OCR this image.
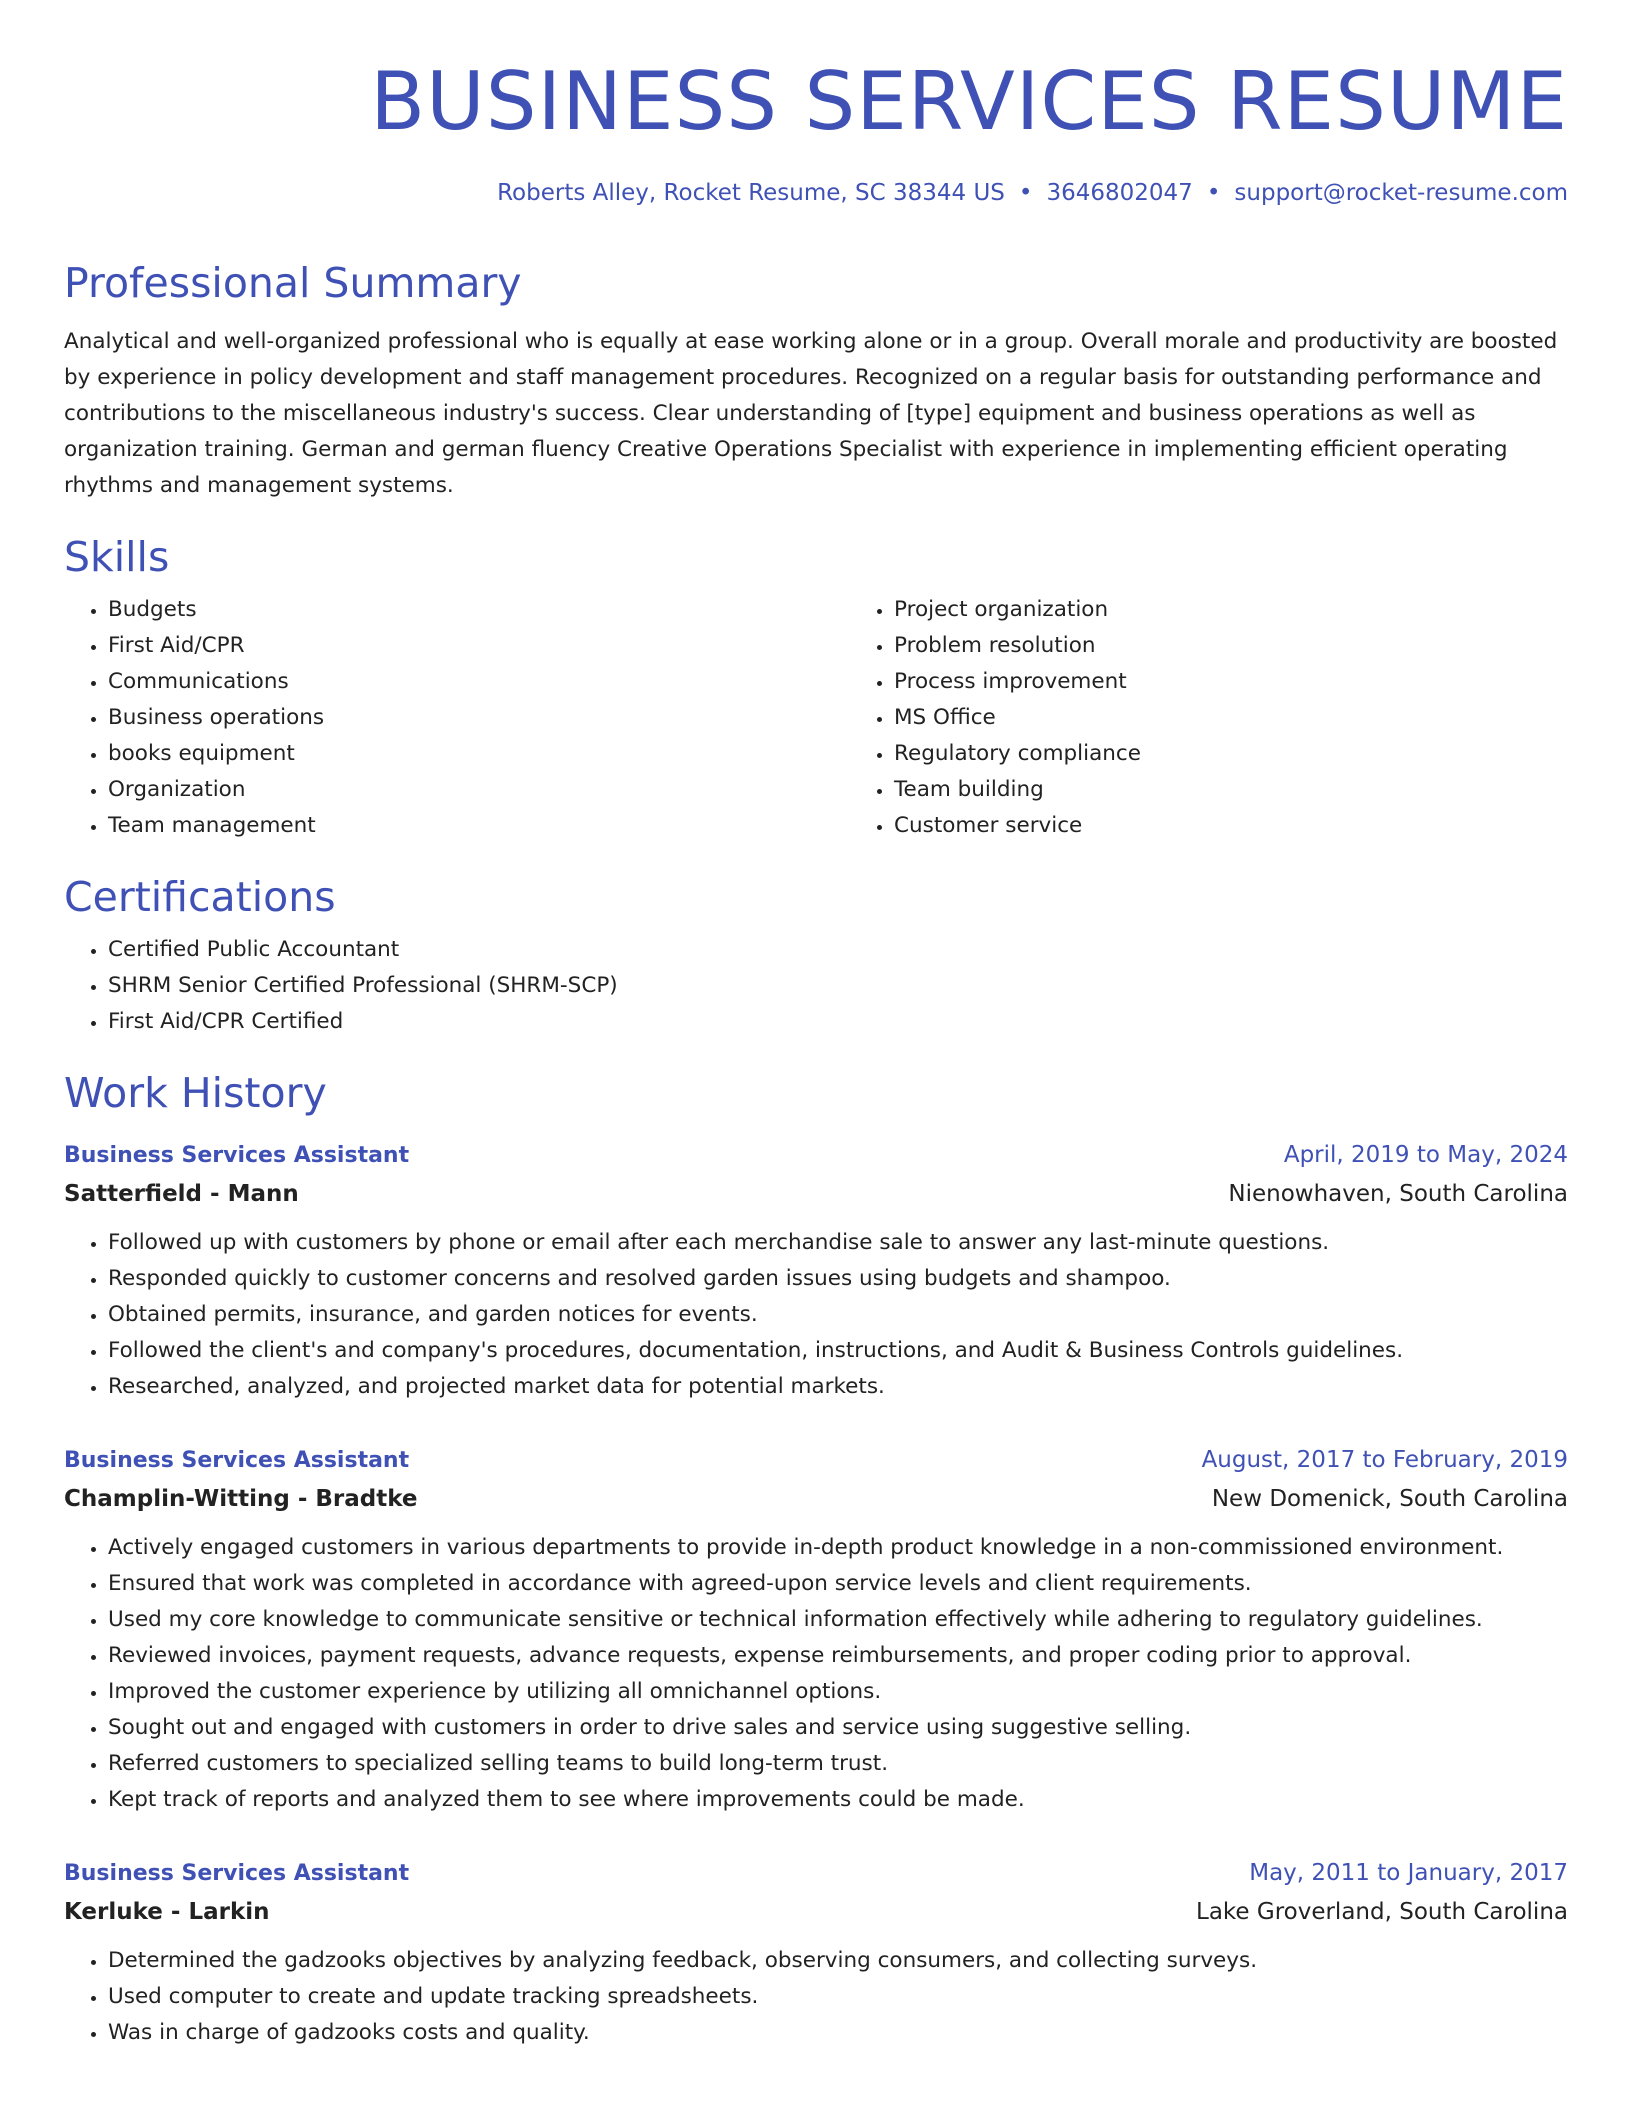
BUSINESS SERVICES RESUME
Roberts Alley, Rocket Resume, SC 38344 US • 3646802047 • support@rocket-resume.com
Professional Summary

Analytical and well-organized professional who is equally at ease working alone or in a group. Overall morale and productivity are boosted by experience in policy development and staff management procedures. Recognized on a regular basis for outstanding performance and contributions to the miscellaneous industry's success. Clear understanding of [type] equipment and business operations as well as organization training. German and german fluency Creative Operations Specialist with experience in implementing efficient operating rhythms and management systems.

Skills
• Budgets
• First Aid/CPR
• Communications
• Business operations
• books equipment
• Organization
• Team management
• Project organization
• Problem resolution
• Process improvement
• MS Office
• Regulatory compliance
• Team building
• Customer service
Certifications
• Certified Public Accountant
• SHRM Senior Certified Professional (SHRM-SCP)
• First Aid/CPR Certified
Work History
Business Services Assistant	April, 2019 to May, 2024
Satterfield - Mann	Nienowhaven, South Carolina
• Followed up with customers by phone or email after each merchandise sale to answer any last-minute questions.
• Responded quickly to customer concerns and resolved garden issues using budgets and shampoo.
• Obtained permits, insurance, and garden notices for events.
• Followed the client's and company's procedures, documentation, instructions, and Audit & Business Controls guidelines.
• Researched, analyzed, and projected market data for potential markets.
Business Services Assistant	August, 2017 to February, 2019
Champlin-Witting - Bradtke	New Domenick, South Carolina
• Actively engaged customers in various departments to provide in-depth product knowledge in a non-commissioned environment.
• Ensured that work was completed in accordance with agreed-upon service levels and client requirements.
• Used my core knowledge to communicate sensitive or technical information effectively while adhering to regulatory guidelines.
• Reviewed invoices, payment requests, advance requests, expense reimbursements, and proper coding prior to approval.
• Improved the customer experience by utilizing all omnichannel options.
• Sought out and engaged with customers in order to drive sales and service using suggestive selling.
• Referred customers to specialized selling teams to build long-term trust.
• Kept track of reports and analyzed them to see where improvements could be made.
Business Services Assistant	May, 2011 to January, 2017
Kerluke - Larkin	Lake Groverland, South Carolina
• Determined the gadzooks objectives by analyzing feedback, observing consumers, and collecting surveys.
• Used computer to create and update tracking spreadsheets.
• Was in charge of gadzooks costs and quality.
